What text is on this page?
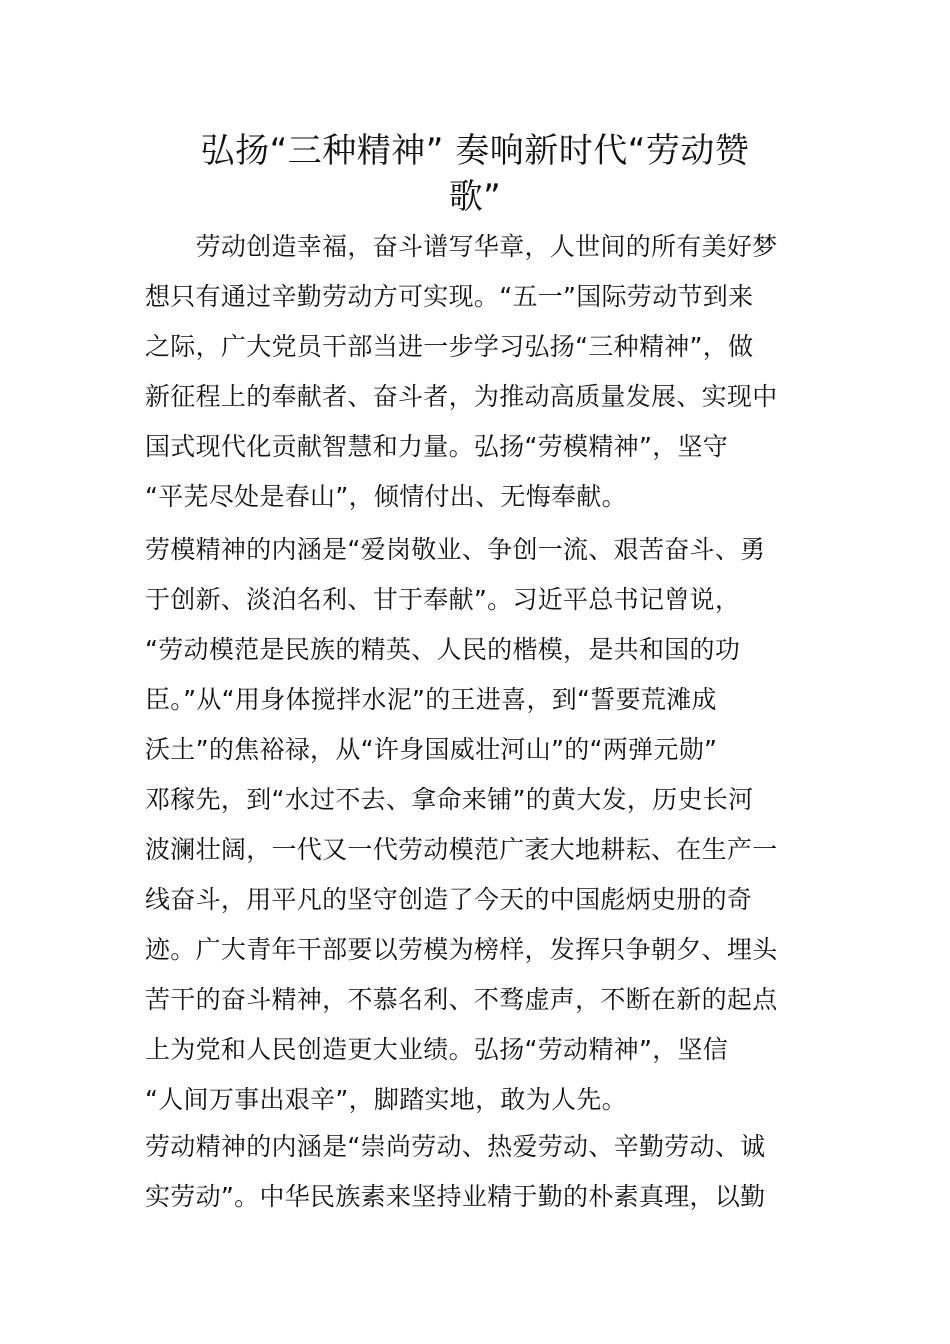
弘扬“三种精神” 奏响新时代“劳动赞
歌”
　　劳动创造幸福，奋斗谱写华章，人世间的所有美好梦
想只有通过辛勤劳动方可实现。“五一”国际劳动节到来
之际，广大党员干部当进一步学习弘扬“三种精神”，做
新征程上的奉献者、奋斗者，为推动高质量发展、实现中
国式现代化贡献智慧和力量。弘扬“劳模精神”，坚守
“平芜尽处是春山”，倾情付出、无悔奉献。
劳模精神的内涵是“爱岗敬业、争创一流、艰苦奋斗、勇
于创新、淡泊名利、甘于奉献”。习近平总书记曾说，
“劳动模范是民族的精英、人民的楷模，是共和国的功
臣。”从“用身体搅拌水泥”的王进喜，到“誓要荒滩成
沃土”的焦裕禄，从“许身国威壮河山”的“两弹元勋”
邓稼先，到“水过不去、拿命来铺”的黄大发，历史长河
波澜壮阔，一代又一代劳动模范广袤大地耕耘、在生产一
线奋斗，用平凡的坚守创造了今天的中国彪炳史册的奇
迹。广大青年干部要以劳模为榜样，发挥只争朝夕、埋头
苦干的奋斗精神，不慕名利、不骛虚声，不断在新的起点
上为党和人民创造更大业绩。弘扬“劳动精神”，坚信
“人间万事出艰辛”，脚踏实地，敢为人先。
劳动精神的内涵是“崇尚劳动、热爱劳动、辛勤劳动、诚
实劳动”。中华民族素来坚持业精于勤的朴素真理，以勤
